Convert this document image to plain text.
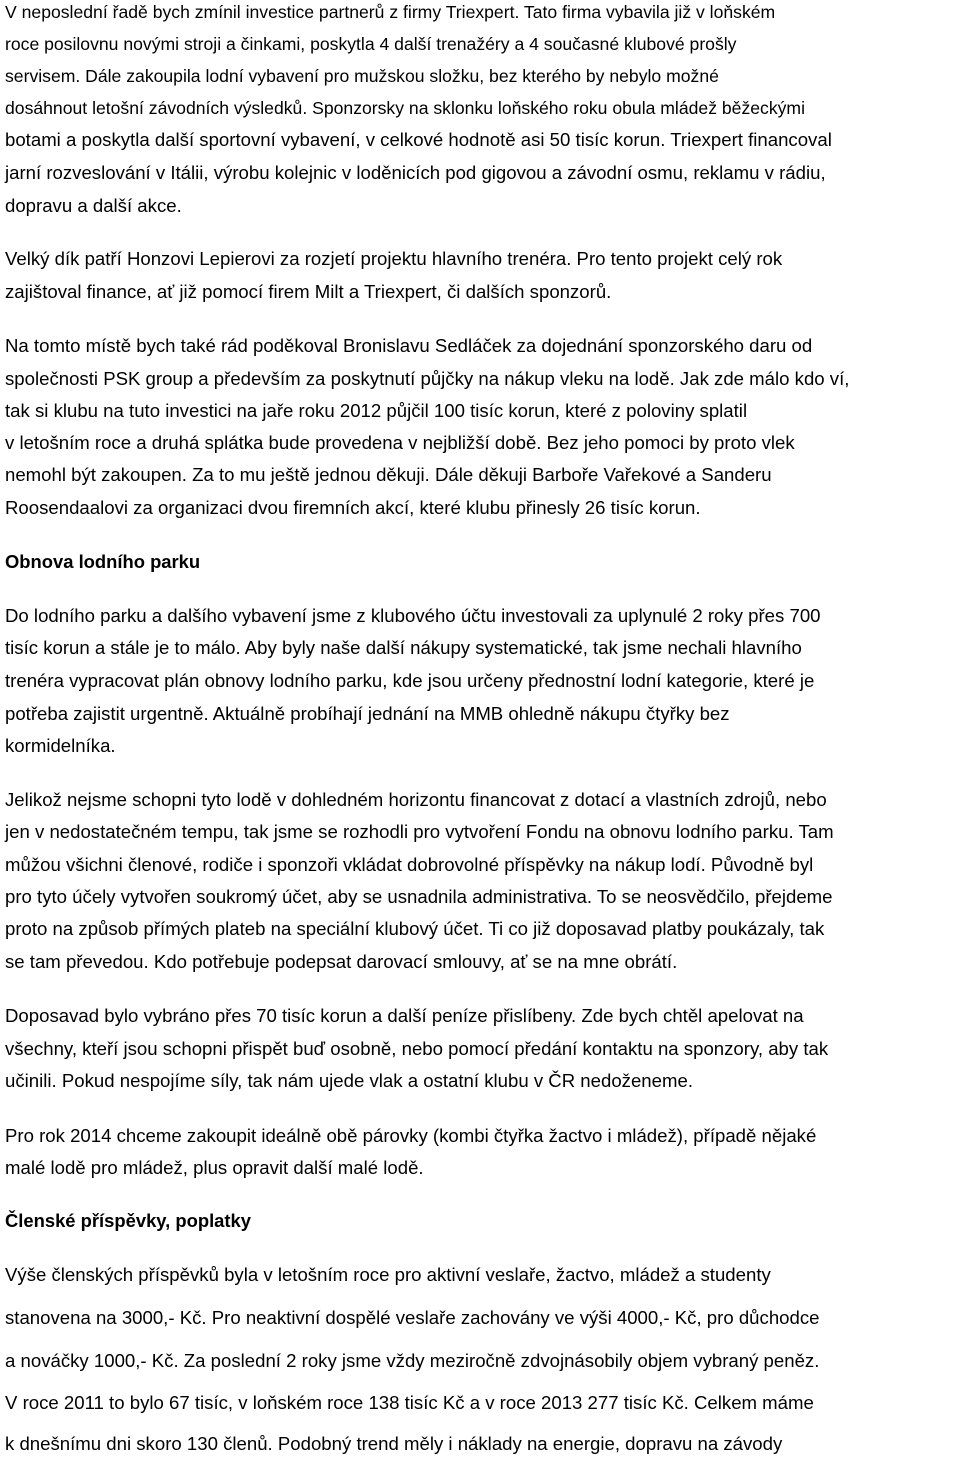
V neposlední řadě bych zmínil investice partnerů z firmy Triexpert. Tato firma vybavila již v loňském
roce posilovnu novými stroji a činkami, poskytla 4 další trenažéry a 4 současné klubové prošly
servisem. Dále zakoupila lodní vybavení pro mužskou složku, bez kterého by nebylo možné
dosáhnout letošní závodních výsledků. Sponzorsky na sklonku loňského roku obula mládež běžeckými
botami a poskytla další sportovní vybavení, v celkové hodnotě asi 50 tisíc korun. Triexpert financoval
jarní rozveslování v Itálii, výrobu kolejnic v loděnicích pod gigovou a závodní osmu, reklamu v rádiu,
dopravu a další akce.
Velký dík patří Honzovi Lepierovi za rozjetí projektu hlavního trenéra. Pro tento projekt celý rok
zajištoval finance, ať již pomocí firem Milt a Triexpert, či dalších sponzorů.
Na tomto místě bych také rád poděkoval Bronislavu Sedláček za dojednání sponzorského daru od
společnosti PSK group a především za poskytnutí půjčky na nákup vleku na lodě. Jak zde málo kdo ví,
tak si klubu na tuto investici na jaře roku 2012 půjčil 100 tisíc korun, které z poloviny splatil
v letošním roce a druhá splátka bude provedena v nejbližší době. Bez jeho pomoci by proto vlek
nemohl být zakoupen. Za to mu ještě jednou děkuji. Dále děkuji Barboře Vařekové a Sanderu
Roosendaalovi za organizaci dvou firemních akcí, které klubu přinesly 26 tisíc korun.
Obnova lodního parku
Do lodního parku a dalšího vybavení jsme z klubového účtu investovali za uplynulé 2 roky přes 700
tisíc korun a stále je to málo. Aby byly naše další nákupy systematické, tak jsme nechali hlavního
trenéra vypracovat plán obnovy lodního parku, kde jsou určeny přednostní lodní kategorie, které je
potřeba zajistit urgentně. Aktuálně probíhají jednání na MMB ohledně nákupu čtyřky bez
kormidelníka.
Jelikož nejsme schopni tyto lodě v dohledném horizontu financovat z dotací a vlastních zdrojů, nebo
jen v nedostatečném tempu, tak jsme se rozhodli pro vytvoření Fondu na obnovu lodního parku. Tam
můžou všichni členové, rodiče i sponzoři vkládat dobrovolné příspěvky na nákup lodí. Původně byl
pro tyto účely vytvořen soukromý účet, aby se usnadnila administrativa. To se neosvědčilo, přejdeme
proto na způsob přímých plateb na speciální klubový účet. Ti co již doposavad platby poukázaly, tak
se tam převedou. Kdo potřebuje podepsat darovací smlouvy, ať se na mne obrátí.
Doposavad bylo vybráno přes 70 tisíc korun a další peníze přislíbeny. Zde bych chtěl apelovat na
všechny, kteří jsou schopni přispět buď osobně, nebo pomocí předání kontaktu na sponzory, aby tak
učinili. Pokud nespojíme síly, tak nám ujede vlak a ostatní klubu v ČR nedoženeme.
Pro rok 2014 chceme zakoupit ideálně obě párovky (kombi čtyřka žactvo i mládež), případě nějaké
malé lodě pro mládež, plus opravit další malé lodě.
Členské příspěvky, poplatky
Výše členských příspěvků byla v letošním roce pro aktivní veslaře, žactvo, mládež a studenty
stanovena na 3000,- Kč. Pro neaktivní dospělé veslaře zachovány ve výši 4000,- Kč, pro důchodce
a nováčky 1000,- Kč. Za poslední 2 roky jsme vždy meziročně zdvojnásobily objem vybraný peněz.
V roce 2011 to bylo 67 tisíc, v loňském roce 138 tisíc Kč a v roce 2013 277 tisíc Kč. Celkem máme
k dnešnímu dni skoro 130 členů. Podobný trend měly i náklady na energie, dopravu na závody
